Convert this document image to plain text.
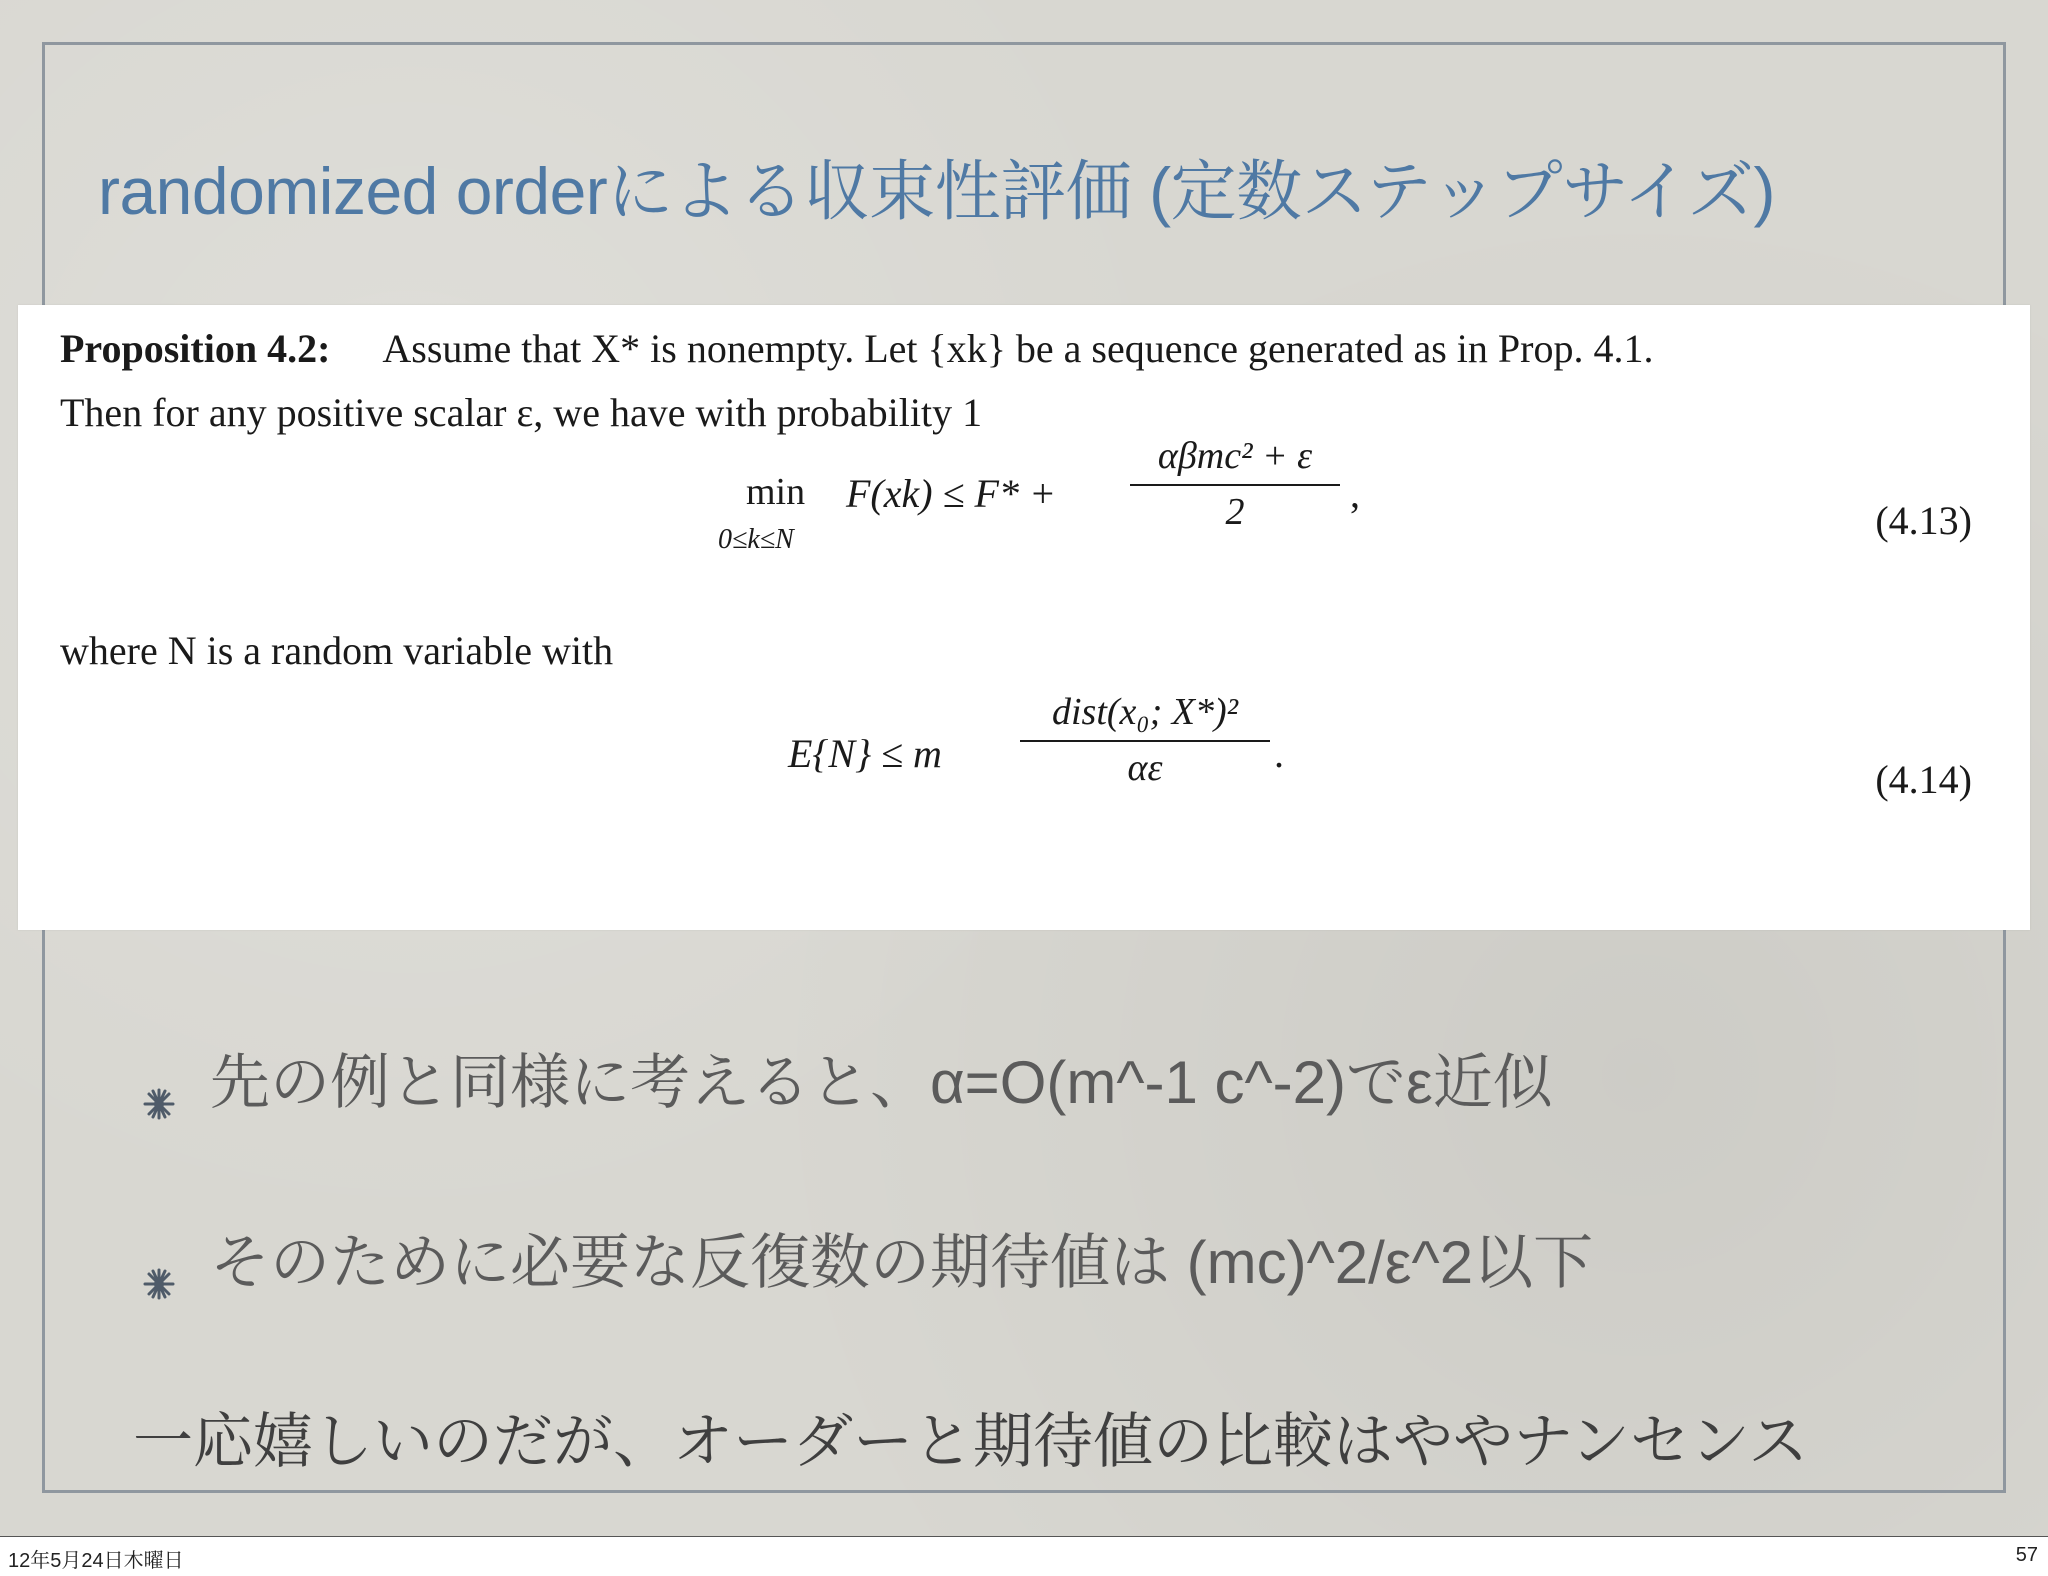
randomized orderによる収束性評価 (定数ステップサイズ)
Proposition 4.2: Assume that X* is nonempty. Let {xk} be a sequence generated as in Prop. 4.1.
Then for any positive scalar ε, we have with probability 1
min
0≤k≤N
F(xk) ≤ F* +
αβmc² + ε
2	,
(4.13)
where N is a random variable with
E{N} ≤ m
dist(x₀; X*)²
αε	.
(4.14)
先の例と同様に考えると、α=O(m^-1 c^-2)でε近似
そのために必要な反復数の期待値は (mc)^2/ε^2以下
一応嬉しいのだが、オーダーと期待値の比較はややナンセンス
12年5月24日木曜日	57
